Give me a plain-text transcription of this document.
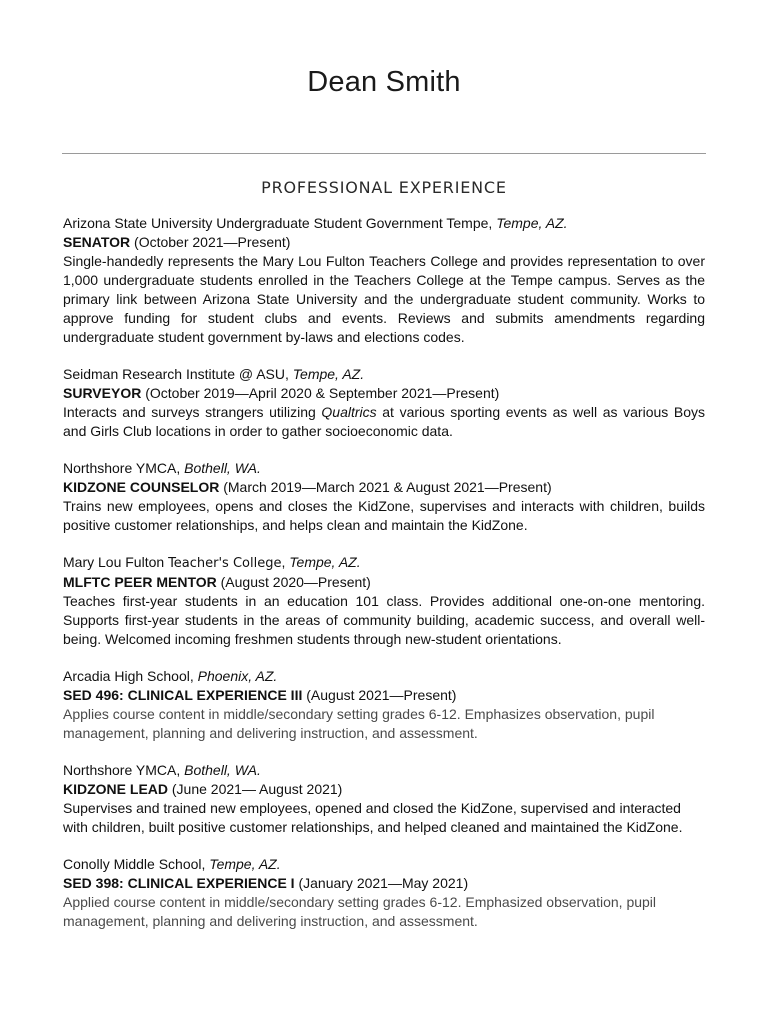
Dean Smith
PROFESSIONAL EXPERIENCE

Arizona State University Undergraduate Student Government Tempe, Tempe, AZ.

SENATOR (October 2021—Present)

Single-handedly represents the Mary Lou Fulton Teachers College and provides representation to over 1,000 undergraduate students enrolled in the Teachers College at the Tempe campus. Serves as the primary link between Arizona State University and the undergraduate student community. Works to approve funding for student clubs and events. Reviews and submits amendments regarding undergraduate student government by-laws and elections codes.

Seidman Research Institute @ ASU, Tempe, AZ.

SURVEYOR (October 2019—April 2020 & September 2021—Present)

Interacts and surveys strangers utilizing Qualtrics at various sporting events as well as various Boys and Girls Club locations in order to gather socioeconomic data.

Northshore YMCA, Bothell, WA.

KIDZONE COUNSELOR (March 2019—March 2021 & August 2021—Present)

Trains new employees, opens and closes the KidZone, supervises and interacts with children, builds positive customer relationships, and helps clean and maintain the KidZone.

Mary Lou Fulton Teacher's College, Tempe, AZ.

MLFTC PEER MENTOR (August 2020—Present)

Teaches first-year students in an education 101 class. Provides additional one-on-one mentoring. Supports first-year students in the areas of community building, academic success, and overall well-being. Welcomed incoming freshmen students through new-student orientations.

Arcadia High School, Phoenix, AZ.

SED 496: CLINICAL EXPERIENCE III (August 2021—Present)

Applies course content in middle/secondary setting grades 6-12. Emphasizes observation, pupil management, planning and delivering instruction, and assessment.

Northshore YMCA, Bothell, WA.

KIDZONE LEAD (June 2021— August 2021)

Supervises and trained new employees, opened and closed the KidZone, supervised and interacted with children, built positive customer relationships, and helped cleaned and maintained the KidZone.

Conolly Middle School, Tempe, AZ.

SED 398: CLINICAL EXPERIENCE I (January 2021—May 2021)

Applied course content in middle/secondary setting grades 6-12. Emphasized observation, pupil management, planning and delivering instruction, and assessment.
